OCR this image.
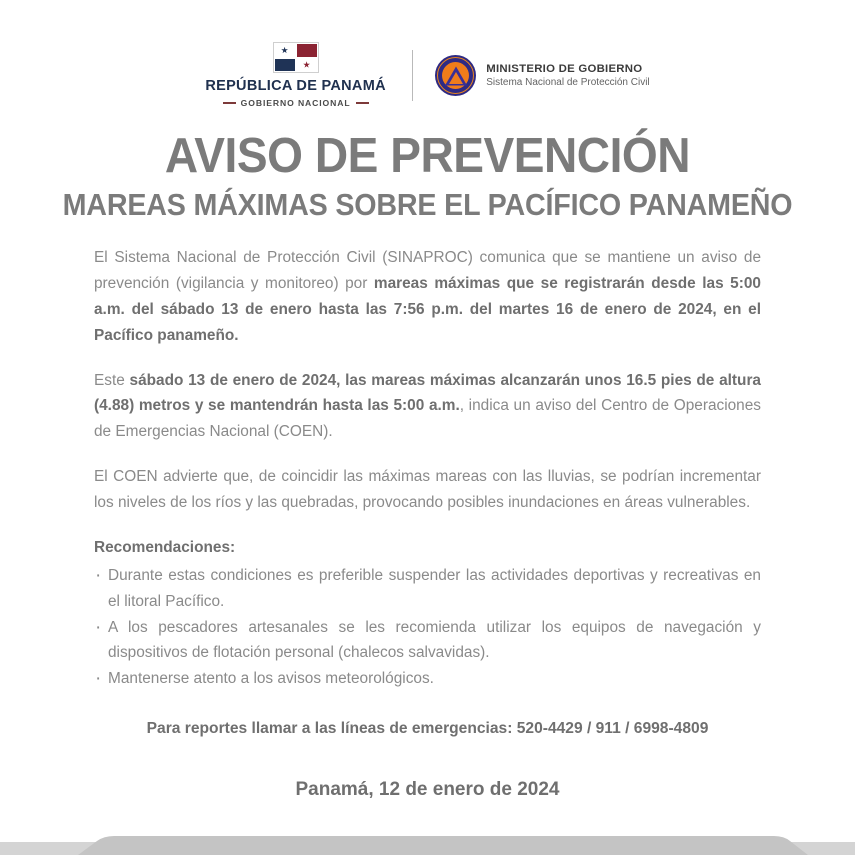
REPÚBLICA DE PANAMÁ
GOBIERNO NACIONAL
MINISTERIO DE GOBIERNO
Sistema Nacional de Protección Civil
AVISO DE PREVENCIÓN
MAREAS MÁXIMAS SOBRE EL PACÍFICO PANAMEÑO

El Sistema Nacional de Protección Civil (SINAPROC) comunica que se mantiene un aviso de prevención (vigilancia y monitoreo) por mareas máximas que se registrarán desde las 5:00 a.m. del sábado 13 de enero hasta las 7:56 p.m. del martes 16 de enero de 2024, en el Pacífico panameño.

Este sábado 13 de enero de 2024, las mareas máximas alcanzarán unos 16.5 pies de altura (4.88) metros y se mantendrán hasta las 5:00 a.m., indica un aviso del Centro de Operaciones de Emergencias Nacional (COEN).

El COEN advierte que, de coincidir las máximas mareas con las lluvias, se podrían incrementar los niveles de los ríos y las quebradas, provocando posibles inundaciones en áreas vulnerables.

Recomendaciones:
· Durante estas condiciones es preferible suspender las actividades deportivas y recreativas en el litoral Pacífico.
· A los pescadores artesanales se les recomienda utilizar los equipos de navegación y dispositivos de flotación personal (chalecos salvavidas).
· Mantenerse atento a los avisos meteorológicos.

Para reportes llamar a las líneas de emergencias: 520-4429 / 911 / 6998-4809

Panamá, 12 de enero de 2024
